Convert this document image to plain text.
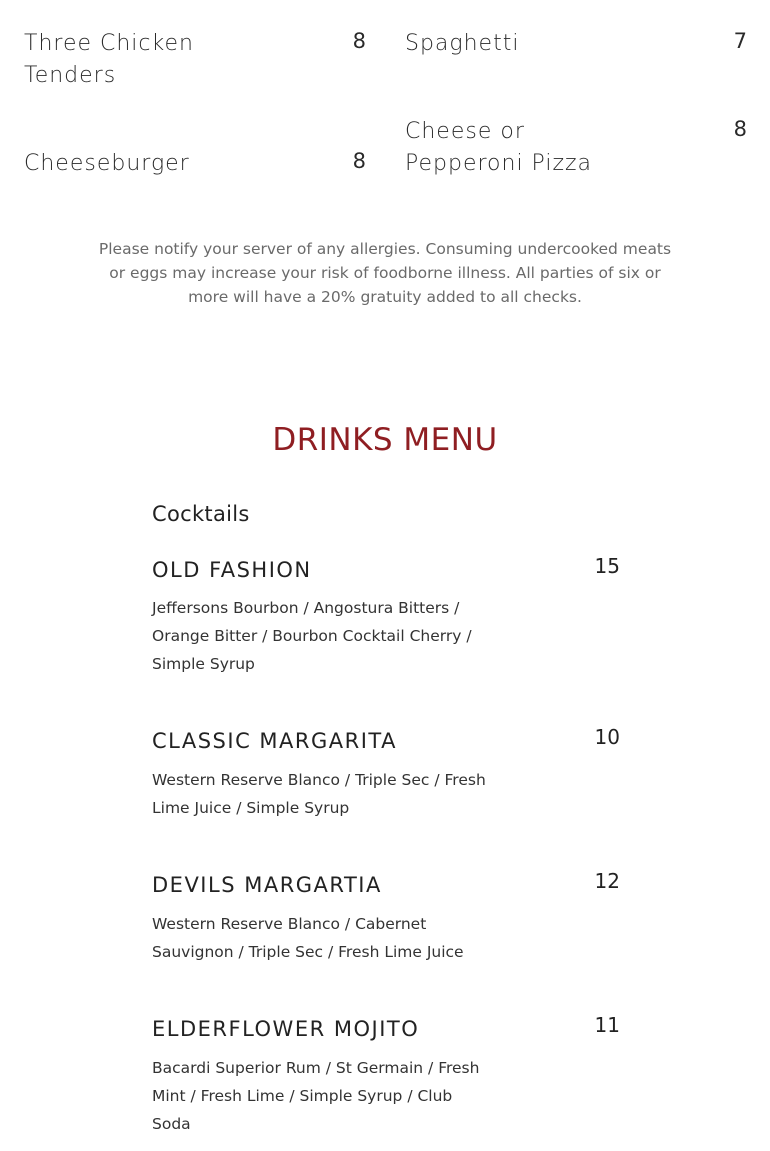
Three Chicken Tenders
8 Spaghetti	7
Cheeseburger	8
Cheese or Pepperoni Pizza
8
Please notify your server of any allergies. Consuming undercooked meats or eggs may increase your risk of foodborne illness. All parties of six or more will have a 20% gratuity added to all checks.
DRINKS MENU
Cocktails
OLD FASHION	15
Jeffersons Bourbon / Angostura Bitters / Orange Bitter / Bourbon Cocktail Cherry / Simple Syrup
CLASSIC MARGARITA	10
Western Reserve Blanco / Triple Sec / Fresh Lime Juice / Simple Syrup
DEVILS MARGARTIA	12
Western Reserve Blanco / Cabernet Sauvignon / Triple Sec / Fresh Lime Juice
ELDERFLOWER MOJITO	11
Bacardi Superior Rum / St Germain / Fresh Mint / Fresh Lime / Simple Syrup / Club Soda
